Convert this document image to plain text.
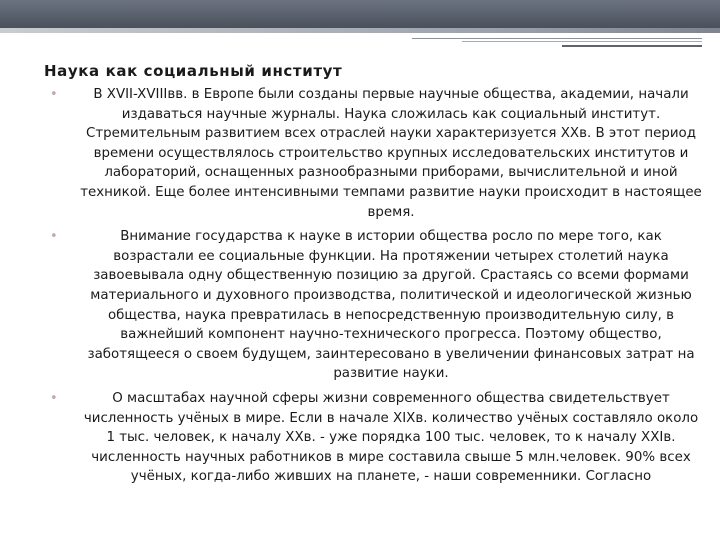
Наука как социальный институт

•	В XVII-XVIIIвв. в Европе были созданы первые научные общества, академии, начали издаваться научные журналы. Наука сложилась как социальный институт. Стремительным развитием всех отраслей науки характеризуется XXв. В этот период времени осуществлялось строительство крупных исследовательских институтов и лабораторий, оснащенных разнообразными приборами, вычислительной и иной техникой. Еще более интенсивными темпами развитие науки происходит в настоящее время.

•	Внимание государства к науке в истории общества росло по мере того, как возрастали ее социальные функции. На протяжении четырех столетий наука завоевывала одну общественную позицию за другой. Срастаясь со всеми формами материального и духовного производства, политической и идеологической жизнью общества, наука превратилась в непосредственную производительную силу, в важнейший компонент научно-технического прогресса. Поэтому общество, заботящееся о своем будущем, заинтересовано в увеличении финансовых затрат на развитие науки.

•	О масштабах научной сферы жизни современного общества свидетельствует численность учёных в мире. Если в начале XIXв. количество учёных составляло около 1 тыс. человек, к началу XXв. - уже порядка 100 тыс. человек, то к началу XXIв. численность научных работников в мире составила свыше 5 млн.человек. 90% всех учёных, когда-либо живших на планете, - наши современники. Согласно
